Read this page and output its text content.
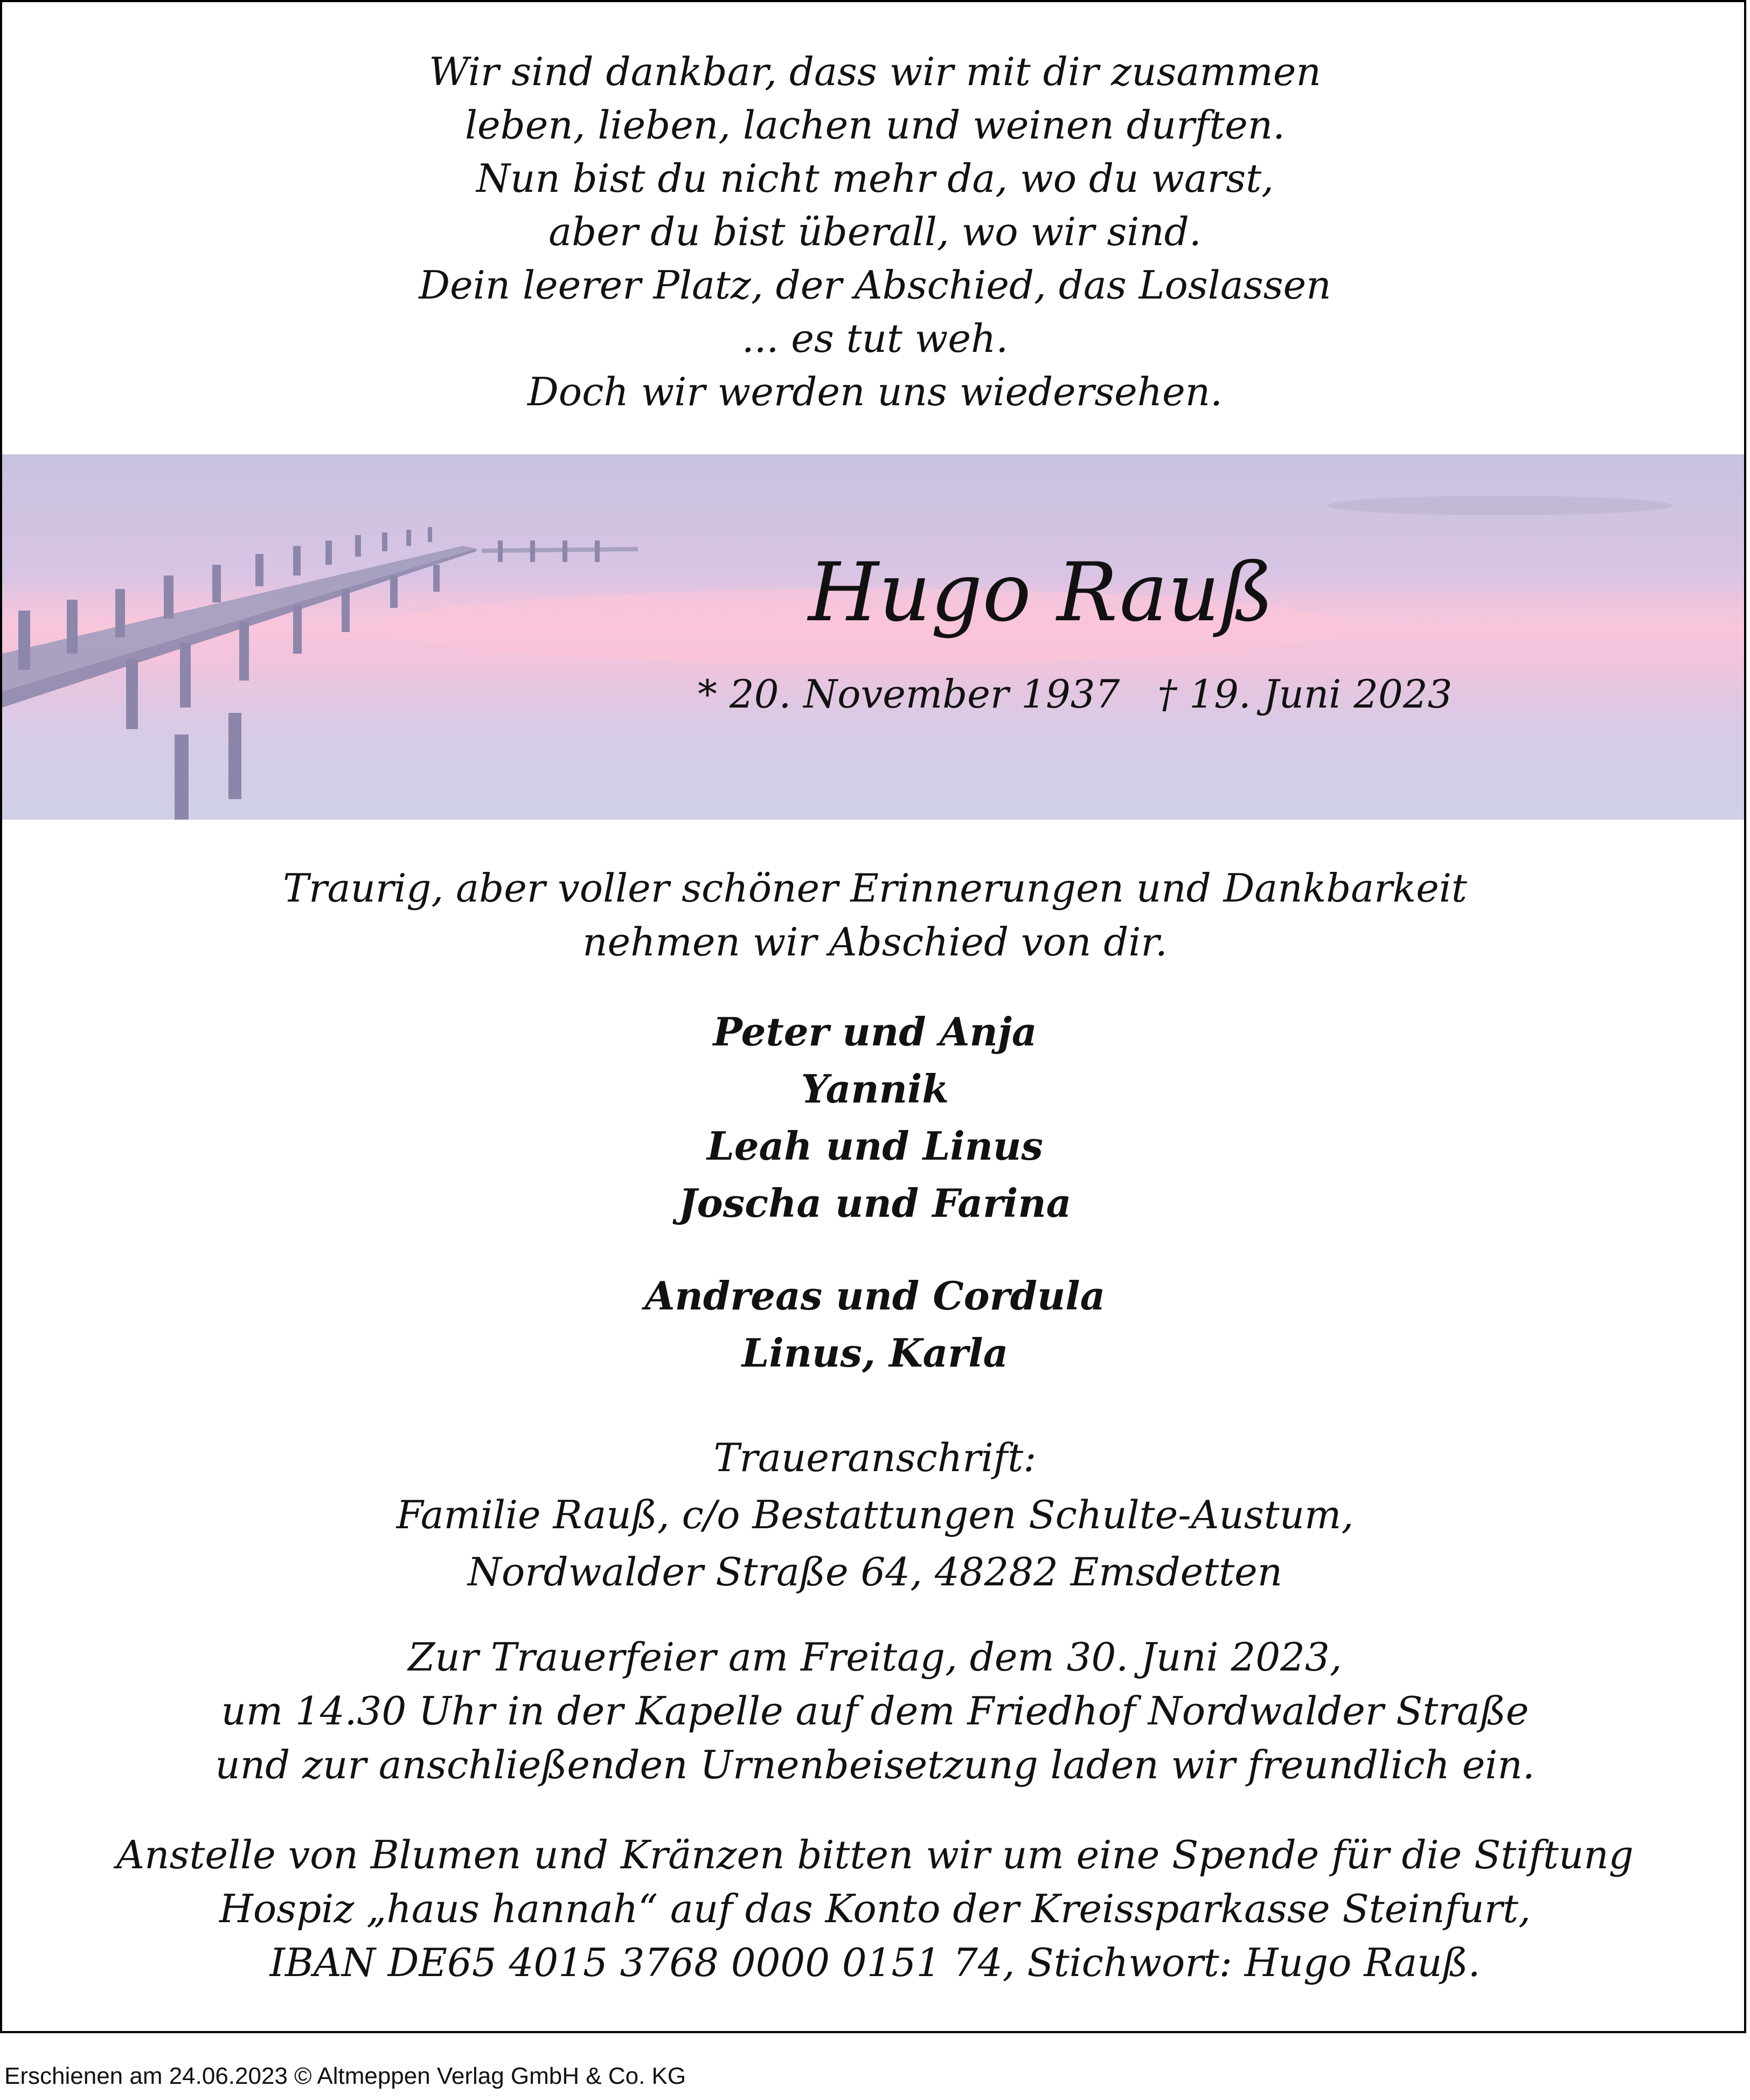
Wir sind dankbar, dass wir mit dir zusammen
leben, lieben, lachen und weinen durften.
Nun bist du nicht mehr da, wo du warst,
aber du bist überall, wo wir sind.
Dein leerer Platz, der Abschied, das Loslassen
... es tut weh.
Doch wir werden uns wiedersehen.
Hugo Rauß
* 20. November 1937 † 19. Juni 2023
Traurig, aber voller schöner Erinnerungen und Dankbarkeit
nehmen wir Abschied von dir.
Peter und Anja
Yannik
Leah und Linus
Joscha und Farina
Andreas und Cordula
Linus, Karla
Traueranschrift:
Familie Rauß, c/o Bestattungen Schulte-Austum,
Nordwalder Straße 64, 48282 Emsdetten
Zur Trauerfeier am Freitag, dem 30. Juni 2023,
um 14.30 Uhr in der Kapelle auf dem Friedhof Nordwalder Straße
und zur anschließenden Urnenbeisetzung laden wir freundlich ein.
Anstelle von Blumen und Kränzen bitten wir um eine Spende für die Stiftung
Hospiz „haus hannah“ auf das Konto der Kreissparkasse Steinfurt,
IBAN DE65 4015 3768 0000 0151 74, Stichwort: Hugo Rauß.
Erschienen am 24.06.2023 © Altmeppen Verlag GmbH & Co. KG
